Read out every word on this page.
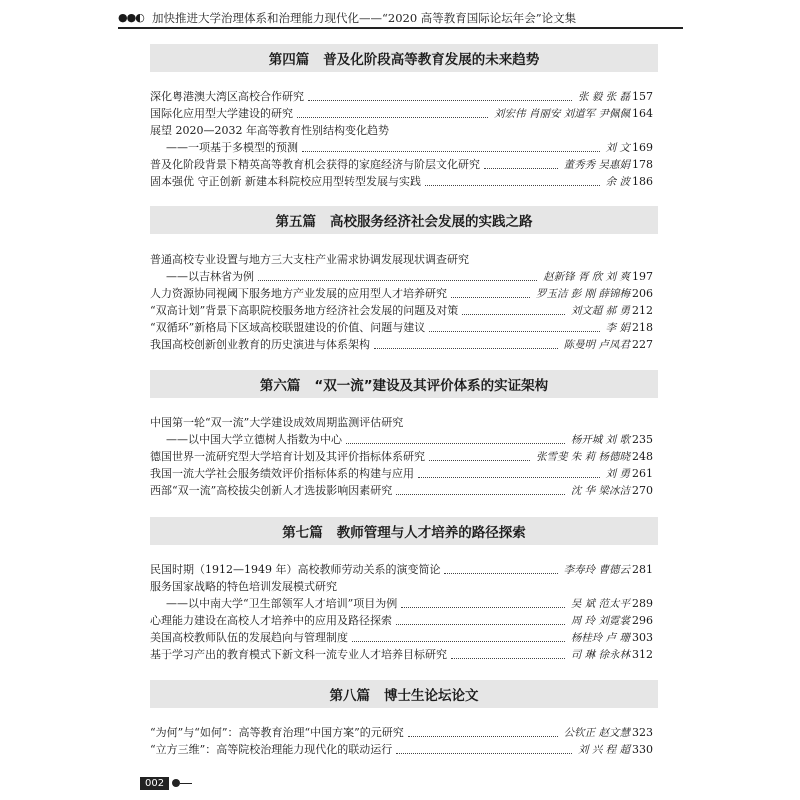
●●◐ 加快推进大学治理体系和治理能力现代化——“2020 高等教育国际论坛年会”论文集
第四篇 普及化阶段高等教育发展的未来趋势
深化粤港澳大湾区高校合作研究	张 毅 张 磊 157
国际化应用型大学建设的研究	刘宏伟 肖丽安 刘道军 尹佩佩 164
展望 2020—2032 年高等教育性别结构变化趋势
——一项基于多模型的预测	刘 文 169
普及化阶段背景下精英高等教育机会获得的家庭经济与阶层文化研究	董秀秀 吴惠娟 178
固本强优 守正创新 新建本科院校应用型转型发展与实践	余 波 186
第五篇 高校服务经济社会发展的实践之路
普通高校专业设置与地方三大支柱产业需求协调发展现状调查研究
——以吉林省为例	赵新锋 胥 欣 刘 爽 197
人力资源协同视阈下服务地方产业发展的应用型人才培养研究	罗玉洁 彭 刚 薛锦梅 206
“双高计划”背景下高职院校服务地方经济社会发展的问题及对策	刘文超 郝 勇 212
“双循环”新格局下区域高校联盟建设的价值、问题与建议	李 娟 218
我国高校创新创业教育的历史演进与体系架构	陈曼明 卢凤君 227
第六篇 “双一流”建设及其评价体系的实证架构
中国第一轮“双一流”大学建设成效周期监测评估研究
——以中国大学立德树人指数为中心	杨开城 刘 歌 235
德国世界一流研究型大学培育计划及其评价指标体系研究	张雪斐 朱 莉 杨德晓 248
我国一流大学社会服务绩效评价指标体系的构建与应用	刘 勇 261
西部“双一流”高校拔尖创新人才选拔影响因素研究	沈 华 梁冰洁 270
第七篇 教师管理与人才培养的路径探索
民国时期（1912—1949 年）高校教师劳动关系的演变简论	李寿玲 曹德云 281
服务国家战略的特色培训发展模式研究
——以中南大学“卫生部领军人才培训”项目为例	吴 斌 范太平 289
心理能力建设在高校人才培养中的应用及路径探索	周 玲 刘霓裳 296
美国高校教师队伍的发展趋向与管理制度	杨桂玲 卢 珊 303
基于学习产出的教育模式下新文科一流专业人才培养目标研究	司 琳 徐永林 312
第八篇 博士生论坛论文
“为何”与“如何”：高等教育治理“中国方案”的元研究	公钦正 赵文慧 323
“立方三维”：高等院校治理能力现代化的联动运行	刘 兴 程 超 330
002
